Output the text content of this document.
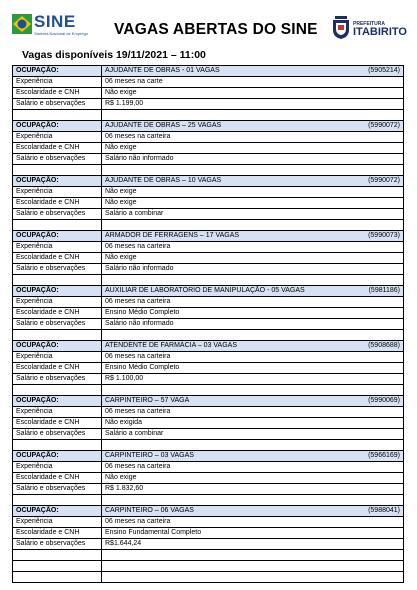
SINE
Sistema Nacional de Emprego VAGAS ABERTAS DO SINE	PREFEITURA
ITABIRITO
Vagas disponíveis 19/11/2021 – 11:00
OCUPAÇÃO:	AJUDANTE DE OBRAS - 01 VAGAS (5905214)

Experiência	06 meses na carte
Escolaridade e CNH	Não exige
Salário e observações	R$ 1.199,00

OCUPAÇÃO:	AJUDANTE DE OBRAS – 25 VAGAS (5990072)

Experiência	06 meses na carteira
Escolaridade e CNH	Não exige
Salário e observações	Salário não informado

OCUPAÇÃO:	AJUDANTE DE OBRAS – 10 VAGAS (5990072)

Experiência	Não exige
Escolaridade e CNH	Não exige
Salário e observações	Salário a combinar

OCUPAÇÃO:	ARMADOR DE FERRAGENS – 17 VAGAS (5990073)

Experiência	06 meses na carteira
Escolaridade e CNH	Não exige
Salário e observações	Salário não informado

OCUPAÇÃO:	AUXILIAR DE LABORATÓRIO DE MANIPULAÇÃO - 05 VAGAS (5981186)

Experiência	06 meses na carteira
Escolaridade e CNH	Ensino Médio Completo
Salário e observações	Salário não informado

OCUPAÇÃO:	ATENDENTE DE FARMÁCIA – 03 VAGAS (5908688)

Experiência	06 meses na carteira
Escolaridade e CNH	Ensino Médio Completo
Salário e observações	R$ 1.100,00

OCUPAÇÃO:	CARPINTEIRO – 57 VAGA (5990069)

Experiência	06 meses na carteira
Escolaridade e CNH	Não exigida
Salário e observações	Salário a combinar

OCUPAÇÃO:	CARPINTEIRO – 03 VAGAS (5966169)

Experiência	06 meses na carteira
Escolaridade e CNH	Não exige
Salário e observações	R$ 1.832,60

OCUPAÇÃO:	CARPINTEIRO – 06 VAGAS (5988041)

Experiência	06 meses na carteira
Escolaridade e CNH	Ensino Fundamental Completo
Salário e observações	R$1.644,24
